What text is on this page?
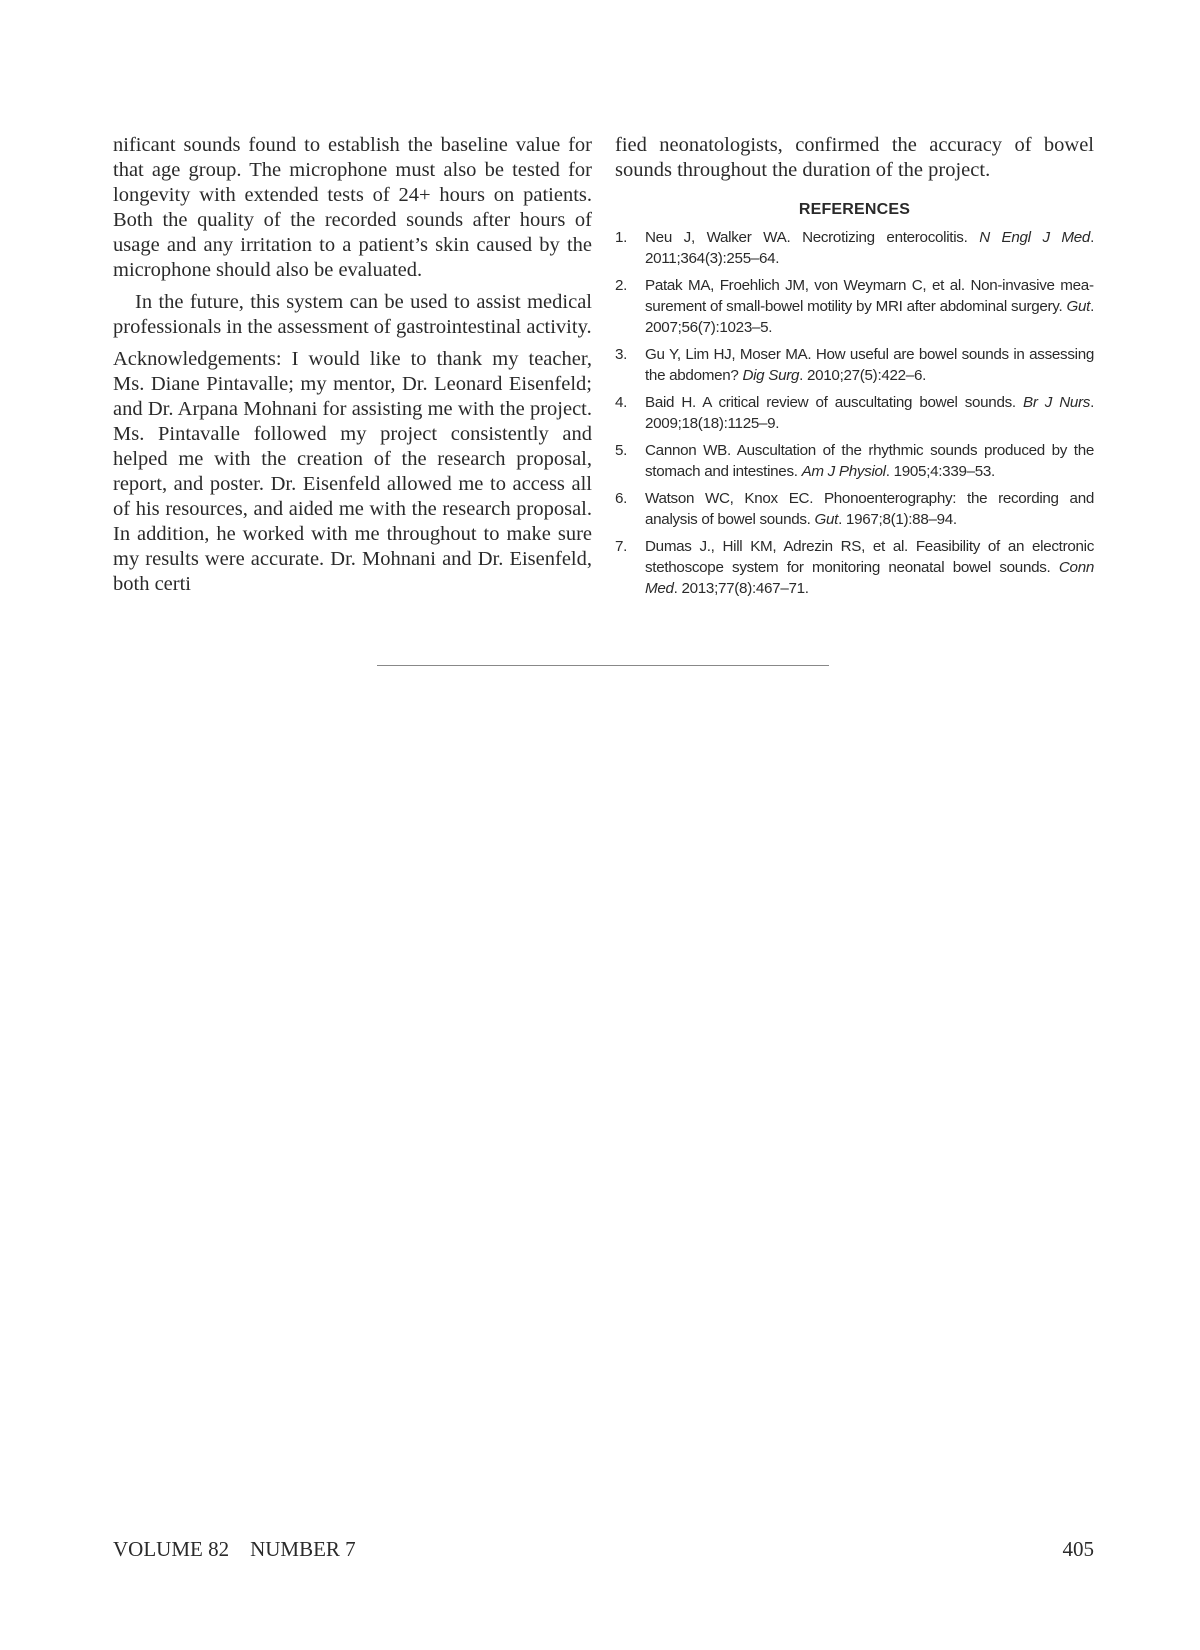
nificant sounds found to establish the baseline value for that age group. The microphone must also be tested for longevity with extended tests of 24+ hours on patients. Both the quality of the recorded sounds after hours of usage and any irritation to a patient’s skin caused by the microphone should also be evaluated.

In the future, this system can be used to assist medical professionals in the assessment of gastrointestinal activity.

Acknowledgements: I would like to thank my teacher, Ms. Diane Pintavalle; my mentor, Dr. Leonard Eisenfeld; and Dr. Arpana Mohnani for assisting me with the project. Ms. Pintavalle followed my project consistently and helped me with the creation of the research proposal, report, and poster. Dr. Eisenfeld allowed me to access all of his resources, and aided me with the research proposal. In addition, he worked with me throughout to make sure my results were accurate. Dr. Mohnani and Dr. Eisenfeld, both certi

fied neonatologists, confirmed the accuracy of bowel sounds throughout the duration of the project.

REFERENCES
1. Neu J, Walker WA. Necrotizing enterocolitis. N Engl J Med. 2011;364(3):255–64.
2. Patak MA, Froehlich JM, von Weymarn C, et al. Non-invasive measurement of small-bowel motility by MRI after abdominal surgery. Gut. 2007;56(7):1023–5.
3. Gu Y, Lim HJ, Moser MA. How useful are bowel sounds in assessing the abdomen? Dig Surg. 2010;27(5):422–6.
4. Baid H. A critical review of auscultating bowel sounds. Br J Nurs. 2009;18(18):1125–9.
5. Cannon WB. Auscultation of the rhythmic sounds produced by the stomach and intestines. Am J Physiol. 1905;4:339–53.
6. Watson WC, Knox EC. Phonoenterography: the recording and analysis of bowel sounds. Gut. 1967;8(1):88–94.
7. Dumas J., Hill KM, Adrezin RS, et al. Feasibility of an electronic stethoscope system for monitoring neonatal bowel sounds. Conn Med. 2013;77(8):467–71.
VOLUME 82 NUMBER 7	405
